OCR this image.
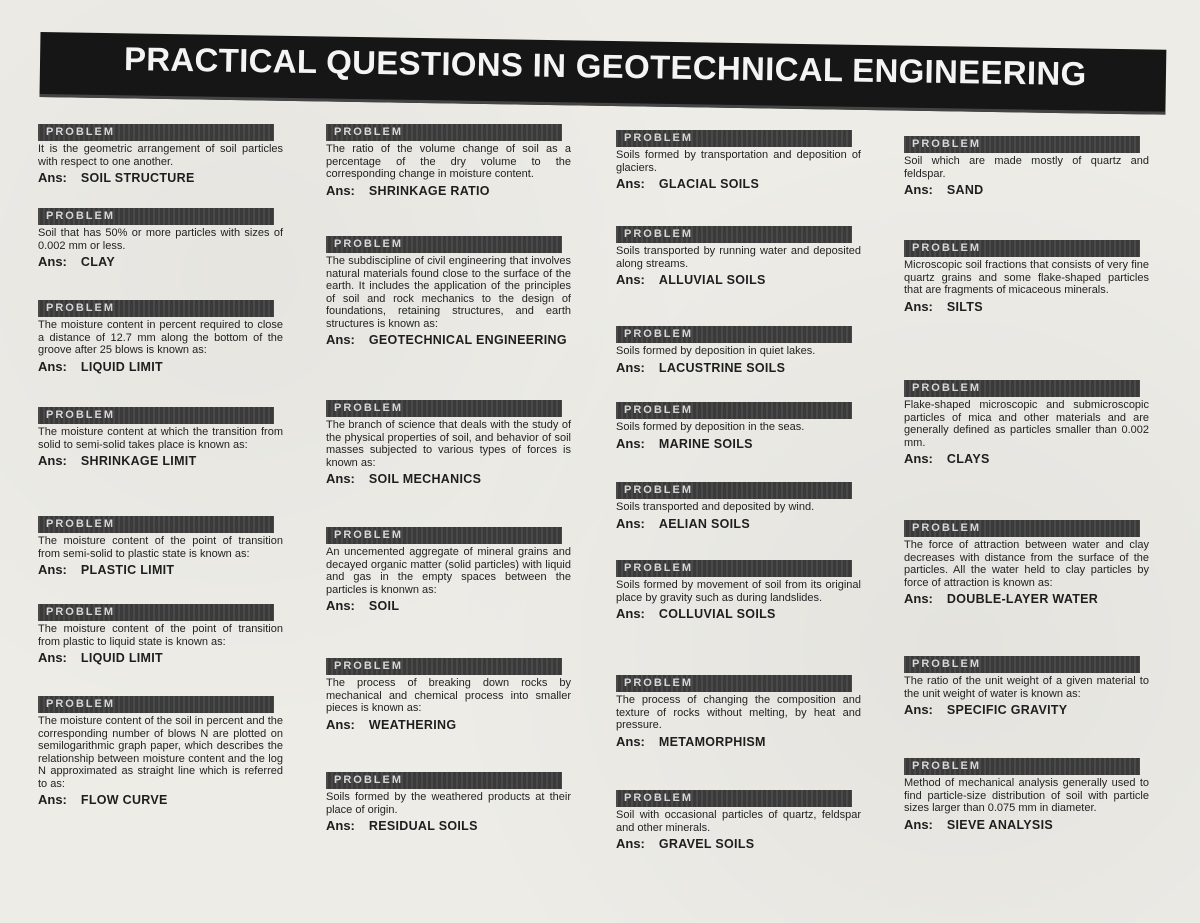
PRACTICAL QUESTIONS IN GEOTECHNICAL ENGINEERING
PROBLEM
It is the geometric arrangement of soil particles with respect to one another.
Ans: SOIL STRUCTURE
PROBLEM
Soil that has 50% or more particles with sizes of 0.002 mm or less.
Ans: CLAY
PROBLEM
The moisture content in percent required to close a distance of 12.7 mm along the bottom of the groove after 25 blows is known as:
Ans: LIQUID LIMIT
PROBLEM
The moisture content at which the transition from solid to semi-solid takes place is known as:
Ans: SHRINKAGE LIMIT
PROBLEM
The moisture content of the point of transition from semi-solid to plastic state is known as:
Ans: PLASTIC LIMIT
PROBLEM
The moisture content of the point of transition from plastic to liquid state is known as:
Ans: LIQUID LIMIT
PROBLEM
The moisture content of the soil in percent and the corresponding number of blows N are plotted on semilogarithmic graph paper, which describes the relationship between moisture content and the log N approximated as straight line which is referred to as:
Ans: FLOW CURVE
PROBLEM
The ratio of the volume change of soil as a percentage of the dry volume to the corresponding change in moisture content.
Ans: SHRINKAGE RATIO
PROBLEM
The subdiscipline of civil engineering that involves natural materials found close to the surface of the earth. It includes the application of the principles of soil and rock mechanics to the design of foundations, retaining structures, and earth structures is known as:
Ans: GEOTECHNICAL ENGINEERING
PROBLEM
The branch of science that deals with the study of the physical properties of soil, and behavior of soil masses subjected to various types of forces is known as:
Ans: SOIL MECHANICS
PROBLEM
An uncemented aggregate of mineral grains and decayed organic matter (solid particles) with liquid and gas in the empty spaces between the particles is knonwn as:
Ans: SOIL
PROBLEM
The process of breaking down rocks by mechanical and chemical process into smaller pieces is known as:
Ans: WEATHERING
PROBLEM
Soils formed by the weathered products at their place of origin.
Ans: RESIDUAL SOILS
PROBLEM
Soils formed by transportation and deposition of glaciers.
Ans: GLACIAL SOILS
PROBLEM
Soils transported by running water and deposited along streams.
Ans: ALLUVIAL SOILS
PROBLEM
Soils formed by deposition in quiet lakes.
Ans: LACUSTRINE SOILS
PROBLEM
Soils formed by deposition in the seas.
Ans: MARINE SOILS
PROBLEM
Soils transported and deposited by wind.
Ans: AELIAN SOILS
PROBLEM
Soils formed by movement of soil from its original place by gravity such as during landslides.
Ans: COLLUVIAL SOILS
PROBLEM
The process of changing the composition and texture of rocks without melting, by heat and pressure.
Ans: METAMORPHISM
PROBLEM
Soil with occasional particles of quartz, feldspar and other minerals.
Ans: GRAVEL SOILS
PROBLEM
Soil which are made mostly of quartz and feldspar.
Ans: SAND
PROBLEM
Microscopic soil fractions that consists of very fine quartz grains and some flake-shaped particles that are fragments of micaceous minerals.
Ans: SILTS
PROBLEM
Flake-shaped microscopic and submicroscopic particles of mica and other materials and are generally defined as particles smaller than 0.002 mm.
Ans: CLAYS
PROBLEM
The force of attraction between water and clay decreases with distance from the surface of the particles. All the water held to clay particles by force of attraction is known as:
Ans: DOUBLE-LAYER WATER
PROBLEM
The ratio of the unit weight of a given material to the unit weight of water is known as:
Ans: SPECIFIC GRAVITY
PROBLEM
Method of mechanical analysis generally used to find particle-size distribution of soil with particle sizes larger than 0.075 mm in diameter.
Ans: SIEVE ANALYSIS
